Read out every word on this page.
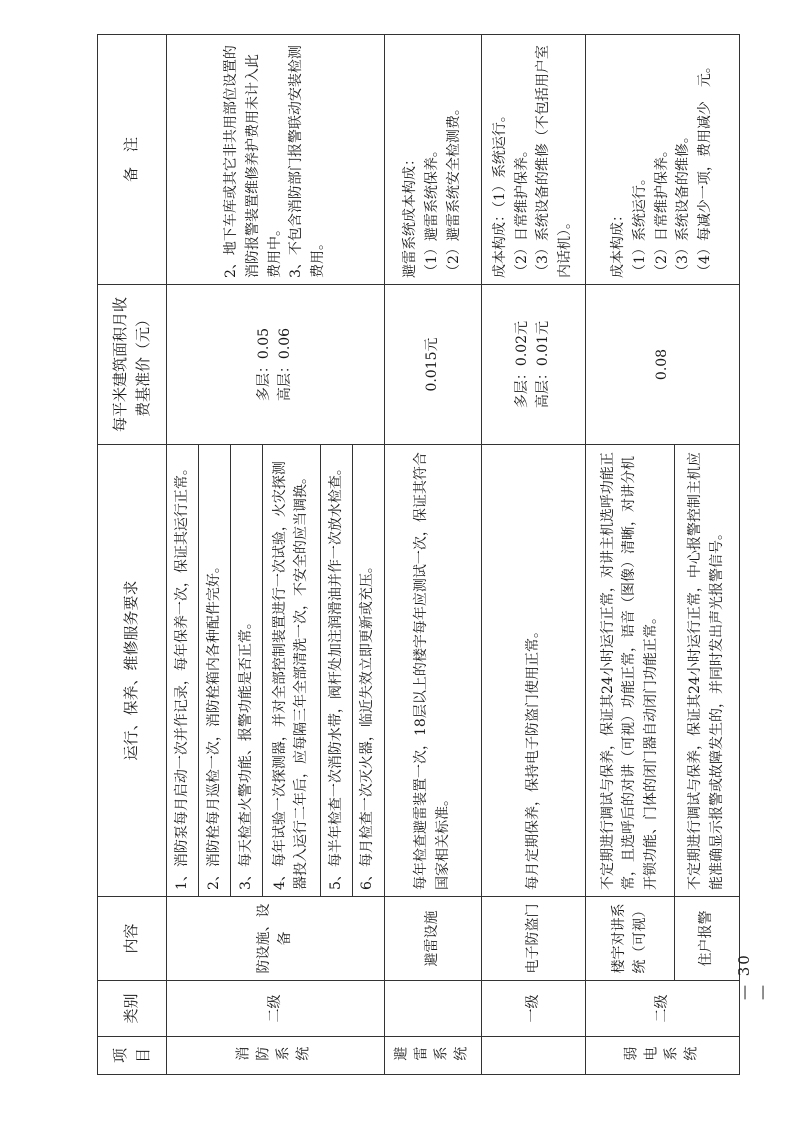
项目	类别	内容	运行、保养、维修服务要求	每平米建筑面积月收费基准价（元）	备　注

消防系统	二级	防设施、设备	1、消防泵每月启动一次并作记录，每年保养一次，保证其运行正常。	多层：0.05 高层：0.06	2、地下车库或其它非共用部位设置的消防报警装置维修养护费用未计入此费用中。 3、不包含消防部门报警联动安装检测费用。

			2、消防栓每月巡检一次，消防栓箱内各种配件完好。		
			3、每天检查火警功能、报警功能是否正常。		
			4、每年试验一次探测器，并对全部控制装置进行一次试验，火灾探测器投入运行二年后，应每隔三年全部清洗一次，不安全的应当调换。		
			5、每半年检查一次消防水带，阀杆处加注润滑油并作一次放水检查。		
			6、每月检查一次灭火器，临近失效立即更新或充压。		

避雷系统		避雷设施	每年检查避雷装置一次，18层以上的楼宇每年应测试一次，保证其符合国家相关标准。	0.015元	避雷系统成本构成： （1）避雷系统保养。 （2）避雷系统安全检测费。

	一级	电子防盗门	每月定期保养，保持电子防盗门使用正常。	多层：0.02元 高层：0.01元	成本构成：（1）系统运行。 （2）日常维护保养。 （3）系统设备的维修（不包括用户室内话机）。

弱电系统	二级	楼宇对讲系统（可视）	不定期进行调试与保养，保证其24小时运行正常，对讲主机选呼功能正常，且选呼后的对讲（可视）功能正常，语音（图像）清晰，对讲分机开锁功能、门体的闭门器自动闭门功能正常。	0.08	成本构成： （1）系统运行。 （2）日常维护保养。 （3）系统设备的维修。 （4）每减少一项，费用减少　元。

		住户报警	不定期进行调试与保养，保证其24小时运行正常，中心报警控制主机应能准确显示报警或故障发生的，并同时发出声光报警信号。		
— 30 —
